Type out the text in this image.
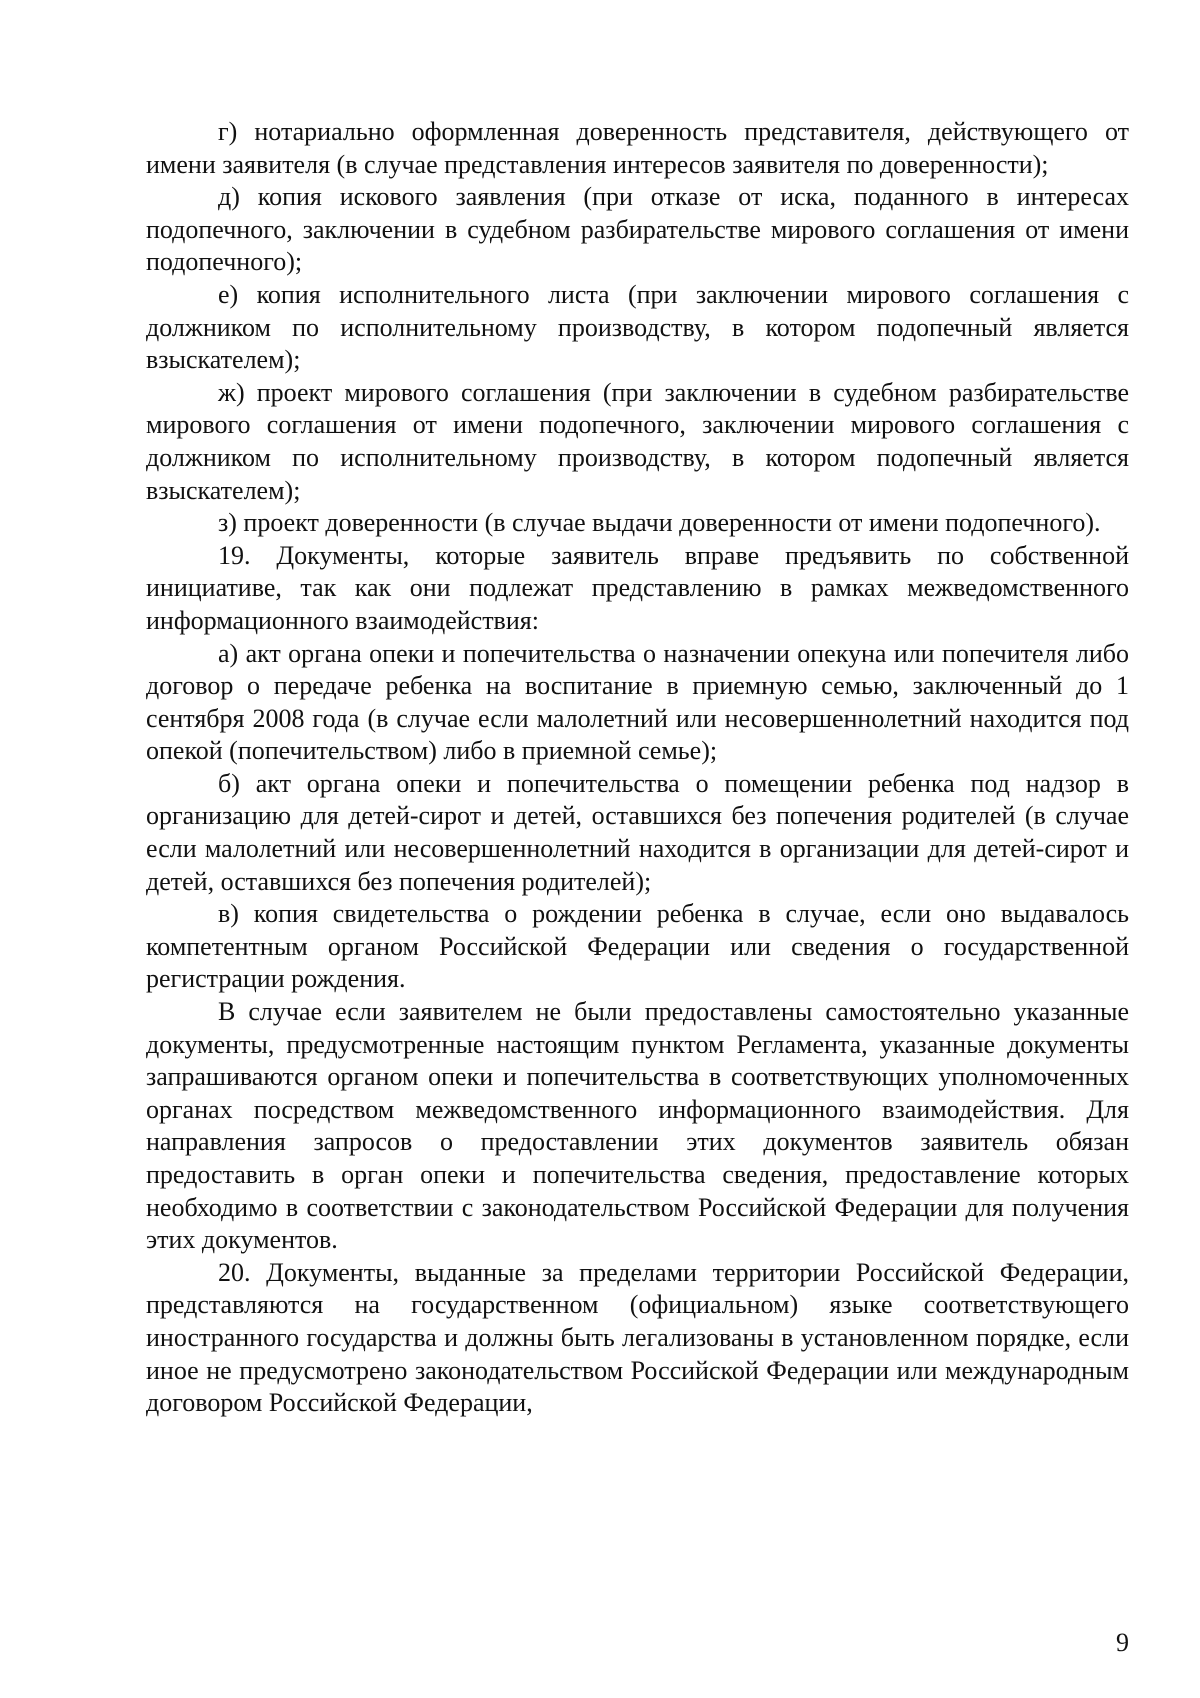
г) нотариально оформленная доверенность представителя, действующего от имени заявителя (в случае представления интересов заявителя по доверенности);

д) копия искового заявления (при отказе от иска, поданного в интересах подопечного, заключении в судебном разбирательстве мирового соглашения от имени подопечного);

е) копия исполнительного листа (при заключении мирового соглашения с должником по исполнительному производству, в котором подопечный является взыскателем);

ж) проект мирового соглашения (при заключении в судебном разбирательстве мирового соглашения от имени подопечного, заключении мирового соглашения с должником по исполнительному производству, в котором подопечный является взыскателем);

з) проект доверенности (в случае выдачи доверенности от имени подопечного).

19. Документы, которые заявитель вправе предъявить по собственной инициативе, так как они подлежат представлению в рамках межведомственного информационного взаимодействия:

а) акт органа опеки и попечительства о назначении опекуна или попечителя либо договор о передаче ребенка на воспитание в приемную семью, заключенный до 1 сентября 2008 года (в случае если малолетний или несовершеннолетний находится под опекой (попечительством) либо в приемной семье);

б) акт органа опеки и попечительства о помещении ребенка под надзор в организацию для детей-сирот и детей, оставшихся без попечения родителей (в случае если малолетний или несовершеннолетний находится в организации для детей-сирот и детей, оставшихся без попечения родителей);

в) копия свидетельства о рождении ребенка в случае, если оно выдавалось компетентным органом Российской Федерации или сведения о государственной регистрации рождения.

В случае если заявителем не были предоставлены самостоятельно указанные документы, предусмотренные настоящим пунктом Регламента, указанные документы запрашиваются органом опеки и попечительства в соответствующих уполномоченных органах посредством межведомственного информационного взаимодействия. Для направления запросов о предоставлении этих документов заявитель обязан предоставить в орган опеки и попечительства сведения, предоставление которых необходимо в соответствии с законодательством Российской Федерации для получения этих документов.

20. Документы, выданные за пределами территории Российской Федерации, представляются на государственном (официальном) языке соответствующего иностранного государства и должны быть легализованы в установленном порядке, если иное не предусмотрено законодательством Российской Федерации или международным договором Российской Федерации,

9
